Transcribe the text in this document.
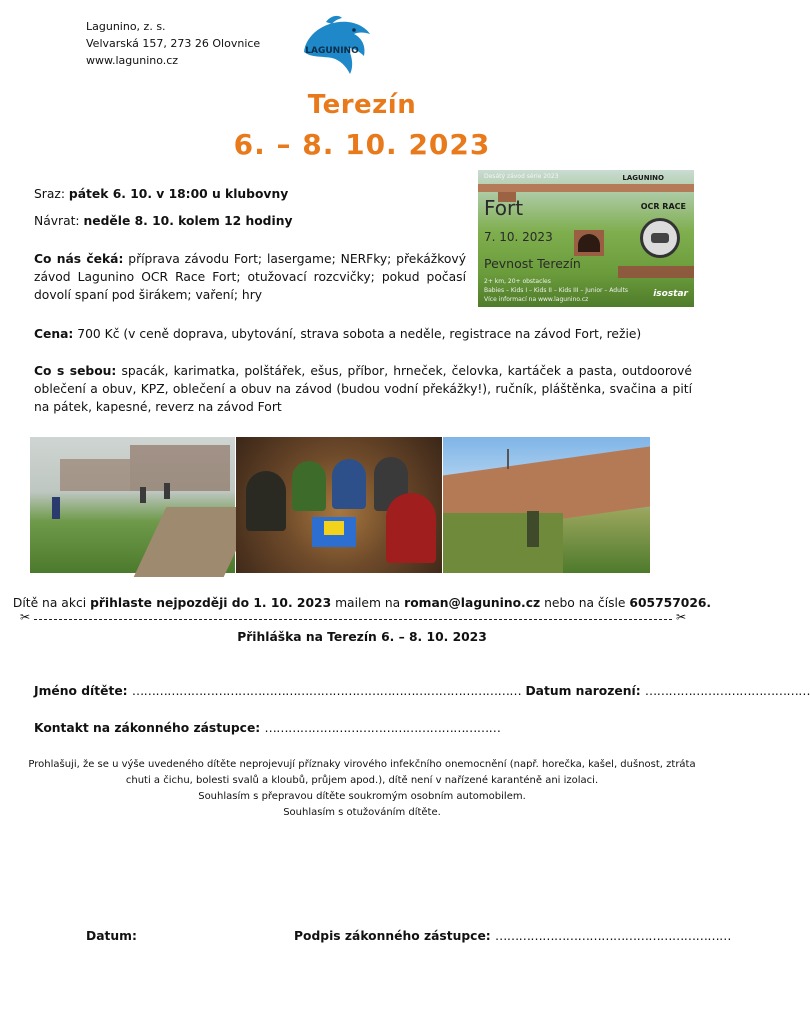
Lagunino, z. s.
Velvarská 157, 273 26 Olovnice
www.lagunino.cz
LAGUNINO
Terezín
6. – 8. 10. 2023
Sraz: pátek 6. 10. v 18:00 u klubovny
Návrat: neděle 8. 10. kolem 12 hodiny
Co nás čeká: příprava závodu Fort; lasergame; NERFky; překážkový závod Lagunino OCR Race Fort; otužovací rozcvičky; pokud počasí dovolí spaní pod širákem; vaření; hry
Desátý závod série 2023	LAGUNINO
OCR RACE
Fort
7. 10. 2023
Pevnost Terezín
2+ km, 20+ obstacles
Babies – Kids I – Kids II – Kids III – Junior – Adults
Více informací na www.lagunino.cz
isostar
Cena: 700 Kč (v ceně doprava, ubytování, strava sobota a neděle, registrace na závod Fort, režie)
Co s sebou: spacák, karimatka, polštářek, ešus, příbor, hrneček, čelovka, kartáček a pasta, outdoorové oblečení a obuv, KPZ, oblečení a obuv na závod (budou vodní překážky!), ručník, pláštěnka, svačina a pití na pátek, kapesné, reverz na závod Fort
Dítě na akci přihlaste nejpozději do 1. 10. 2023 mailem na roman@lagunino.cz nebo na čísle 605757026.
✂	✂
Přihláška na Terezín 6. – 8. 10. 2023
Jméno dítěte: ……………………………………………………………………………………… Datum narození: ……………………………………
Kontakt na zákonného zástupce: ……………………………………………………
Prohlašuji, že se u výše uvedeného dítěte neprojevují příznaky virového infekčního onemocnění (např. horečka, kašel, dušnost, ztráta chuti a čichu, bolesti svalů a kloubů, průjem apod.), dítě není v nařízené karanténě ani izolaci.
Souhlasím s přepravou dítěte soukromým osobním automobilem.
Souhlasím s otužováním dítěte.
Datum:	Podpis zákonného zástupce: ……………………………………………………
